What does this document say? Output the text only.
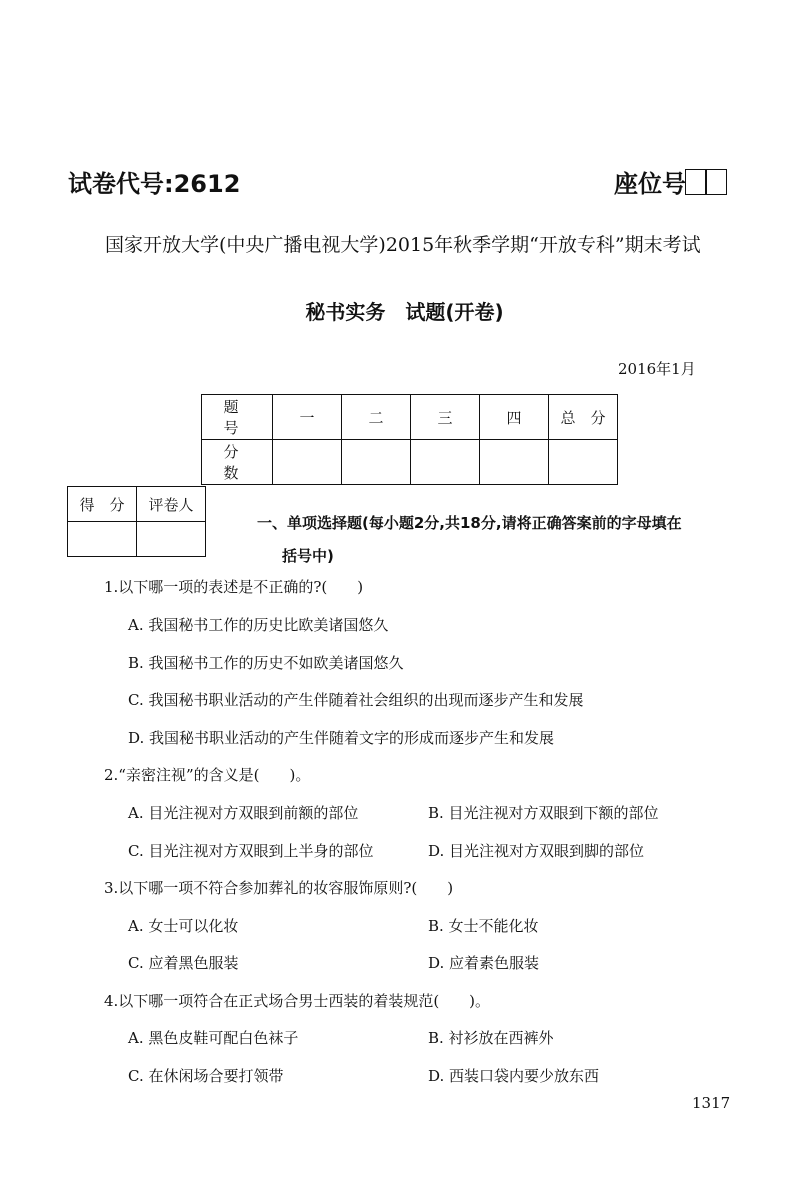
试卷代号:2612	座位号
国家开放大学(中央广播电视大学)2015年秋季学期“开放专科”期末考试
秘书实务　试题(开卷)
2016年1月
题　号	一	二	三	四	总　分
分　数					
得　分	评卷人

一、单项选择题(每小题2分,共18分,请将正确答案前的字母填在
括号中)
1.以下哪一项的表述是不正确的?(　　)
A. 我国秘书工作的历史比欧美诸国悠久
B. 我国秘书工作的历史不如欧美诸国悠久
C. 我国秘书职业活动的产生伴随着社会组织的出现而逐步产生和发展
D. 我国秘书职业活动的产生伴随着文字的形成而逐步产生和发展
2.“亲密注视”的含义是(　　)。
A. 目光注视对方双眼到前额的部位	B. 目光注视对方双眼到下额的部位
C. 目光注视对方双眼到上半身的部位	D. 目光注视对方双眼到脚的部位
3.以下哪一项不符合参加葬礼的妆容服饰原则?(　　)
A. 女士可以化妆	B. 女士不能化妆
C. 应着黑色服装	D. 应着素色服装
4.以下哪一项符合在正式场合男士西装的着装规范(　　)。
A. 黑色皮鞋可配白色袜子	B. 衬衫放在西裤外
C. 在休闲场合要打领带	D. 西装口袋内要少放东西
1317
